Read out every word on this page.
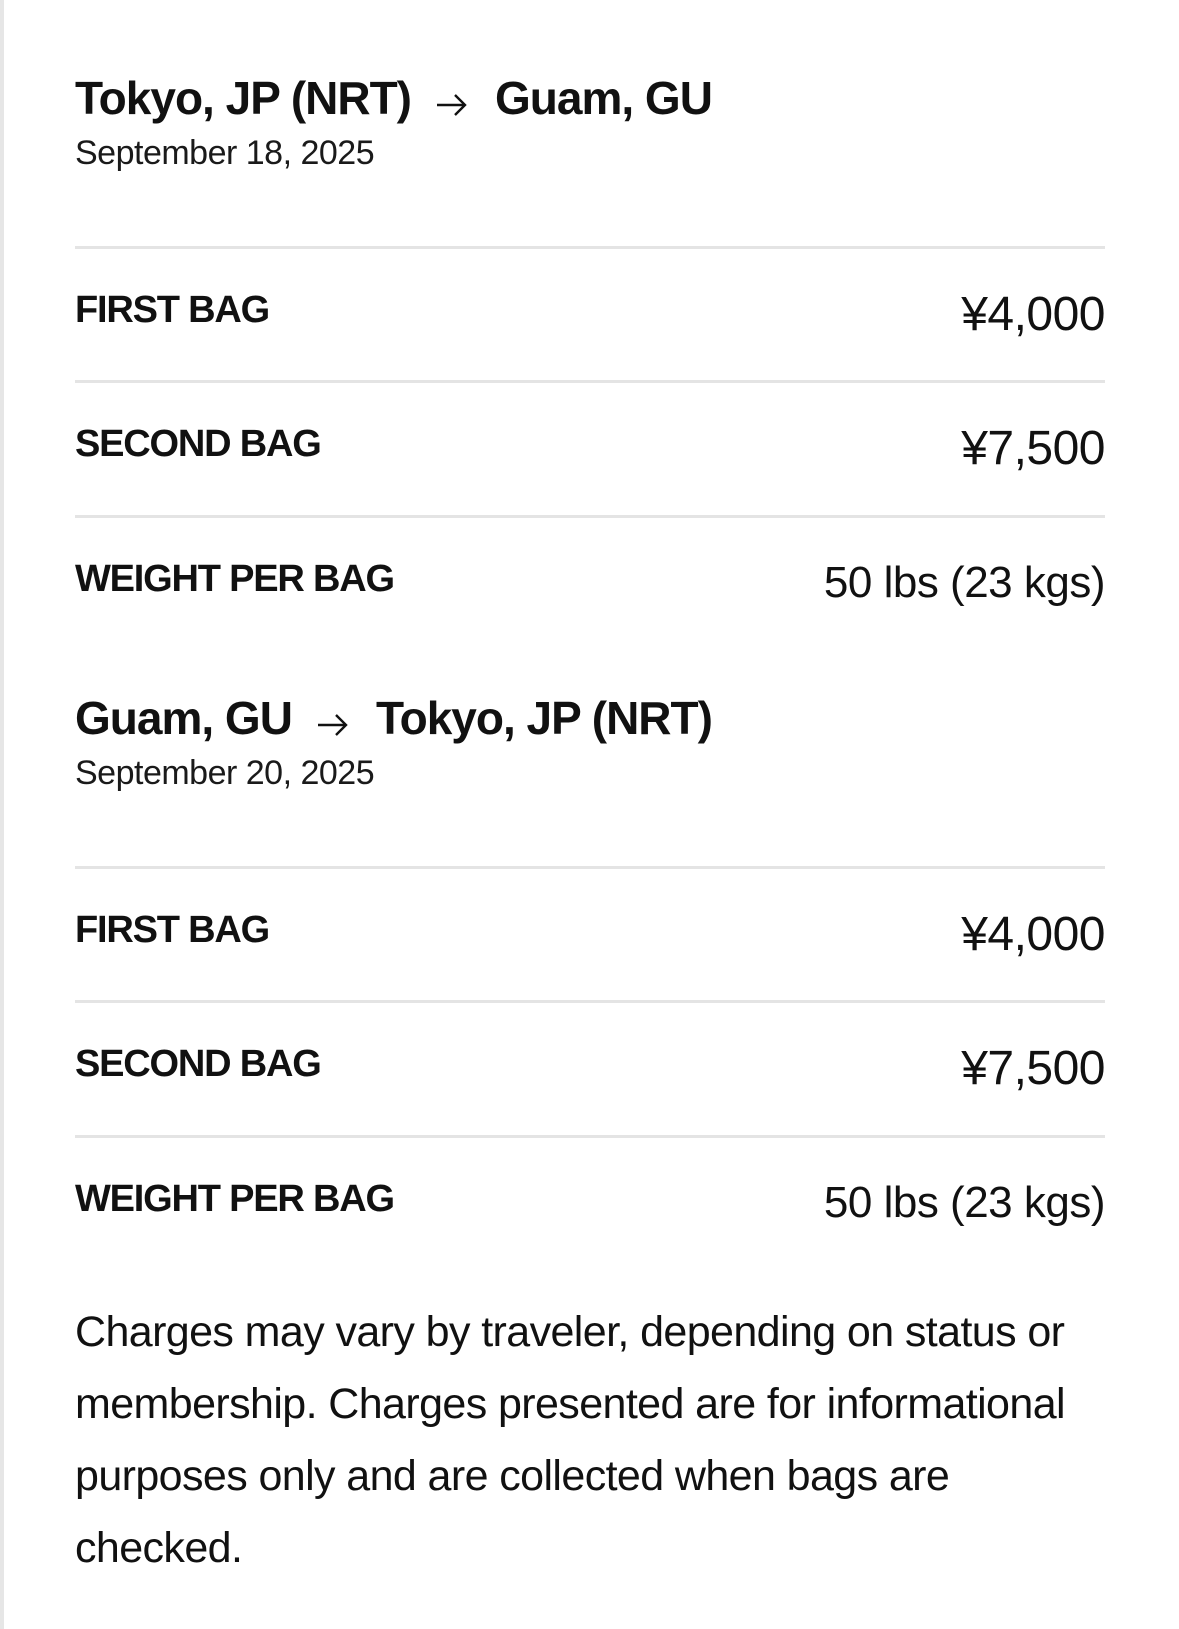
Tokyo, JP (NRT) Guam, GU
September 18, 2025
FIRST BAG	¥4,000
SECOND BAG	¥7,500
WEIGHT PER BAG	50 lbs (23 kgs)
Guam, GU Tokyo, JP (NRT)
September 20, 2025
FIRST BAG	¥4,000
SECOND BAG	¥7,500
WEIGHT PER BAG	50 lbs (23 kgs)

Charges may vary by traveler, depending on status or membership. Charges presented are for informational purposes only and are collected when bags are checked.
